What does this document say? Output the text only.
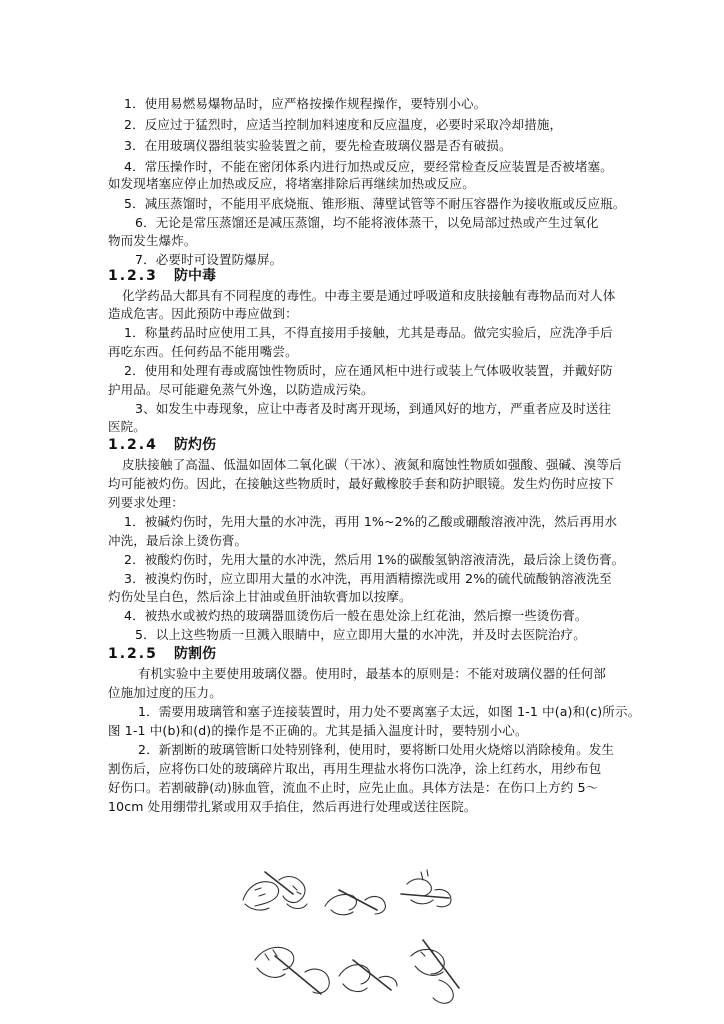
1．使用易燃易爆物品时，应严格按操作规程操作，要特别小心。

2．反应过于猛烈时，应适当控制加料速度和反应温度，必要时采取冷却措施，

3．在用玻璃仪器组装实验装置之前，要先检查玻璃仪器是否有破损。

4．常压操作时，不能在密闭体系内进行加热或反应，要经常检查反应装置是否被堵塞。

如发现堵塞应停止加热或反应，将堵塞排除后再继续加热或反应。

5．减压蒸馏时，不能用平底烧瓶、锥形瓶、薄壁试管等不耐压容器作为接收瓶或反应瓶。

6．无论是常压蒸馏还是减压蒸馏，均不能将液体蒸干，以免局部过热或产生过氧化

物而发生爆炸。

7．必要时可设置防爆屏。

1.2.3 防中毒

化学药品大都具有不同程度的毒性。中毒主要是通过呼吸道和皮肤接触有毒物品而对人体

造成危害。因此预防中毒应做到：

1．称量药品时应使用工具，不得直接用手接触，尤其是毒品。做完实验后，应洗净手后

再吃东西。任何药品不能用嘴尝。

2．使用和处理有毒或腐蚀性物质时，应在通风柜中进行或装上气体吸收装置，并戴好防

护用品。尽可能避免蒸气外逸，以防造成污染。

3、如发生中毒现象，应让中毒者及时离开现场，到通风好的地方，严重者应及时送往

医院。

1.2.4 防灼伤

皮肤接触了高温、低温如固体二氧化碳（干冰）、液氮和腐蚀性物质如强酸、强碱、溴等后

均可能被灼伤。因此，在接触这些物质时，最好戴橡胶手套和防护眼镜。发生灼伤时应按下

列要求处理：

1．被碱灼伤时，先用大量的水冲洗，再用 1%~2%的乙酸或硼酸溶液冲洗，然后再用水

冲洗，最后涂上烫伤膏。

2．被酸灼伤时，先用大量的水冲洗，然后用 1%的碳酸氢钠溶液清洗，最后涂上烫伤膏。

3．被溴灼伤时，应立即用大量的水冲洗，再用酒精擦洗或用 2%的硫代硫酸钠溶液洗至

灼伤处呈白色，然后涂上甘油或鱼肝油软膏加以按摩。

4．被热水或被灼热的玻璃器皿烫伤后一般在患处涂上红花油，然后擦一些烫伤膏。

5．以上这些物质一旦溅入眼睛中，应立即用大量的水冲洗，并及时去医院治疗。

1.2.5 防割伤

有机实验中主要使用玻璃仪器。使用时，最基本的原则是：不能对玻璃仪器的任何部

位施加过度的压力。

1．需要用玻璃管和塞子连接装置时，用力处不要离塞子太远，如图 1-1 中(a)和(c)所示。

图 1-1 中(b)和(d)的操作是不正确的。尤其是插入温度计时，要特别小心。

2．新割断的玻璃管断口处特别锋利，使用时，要将断口处用火烧熔以消除棱角。发生

割伤后，应将伤口处的玻璃碎片取出，再用生理盐水将伤口洗净，涂上红药水，用纱布包

好伤口。若割破静(动)脉血管，流血不止时，应先止血。具体方法是：在伤口上方约 5～

10cm 处用绷带扎紧或用双手掐住，然后再进行处理或送往医院。
